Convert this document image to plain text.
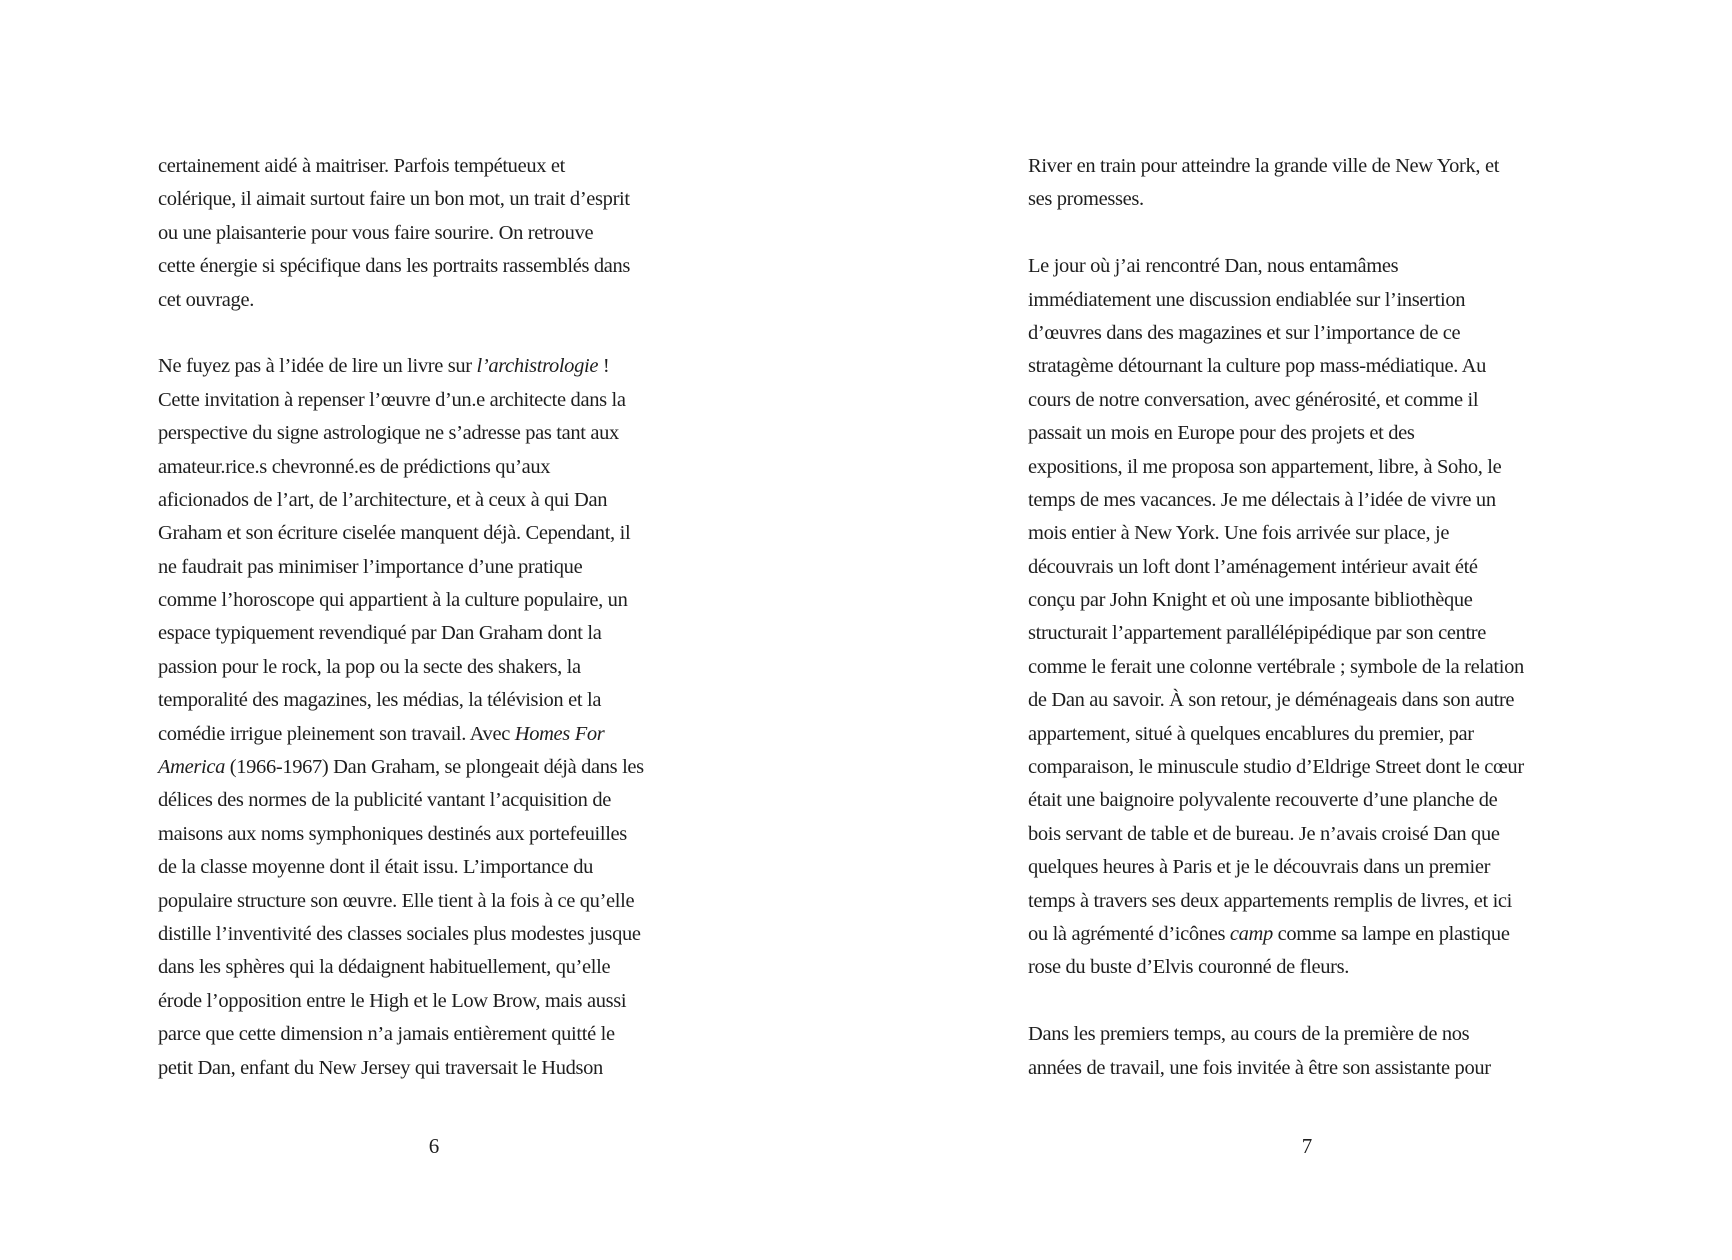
certainement aidé à maitriser. Parfois tempétueux et
colérique, il aimait surtout faire un bon mot, un trait d’esprit
ou une plaisanterie pour vous faire sourire. On retrouve
cette énergie si spécifique dans les portraits rassemblés dans
cet ouvrage.
Ne fuyez pas à l’idée de lire un livre sur l’archistrologie !
Cette invitation à repenser l’œuvre d’un.e architecte dans la
perspective du signe astrologique ne s’adresse pas tant aux
amateur.rice.s chevronné.es de prédictions qu’aux
aficionados de l’art, de l’architecture, et à ceux à qui Dan
Graham et son écriture ciselée manquent déjà. Cependant, il
ne faudrait pas minimiser l’importance d’une pratique
comme l’horoscope qui appartient à la culture populaire, un
espace typiquement revendiqué par Dan Graham dont la
passion pour le rock, la pop ou la secte des shakers, la
temporalité des magazines, les médias, la télévision et la
comédie irrigue pleinement son travail. Avec Homes For
America (1966-1967) Dan Graham, se plongeait déjà dans les
délices des normes de la publicité vantant l’acquisition de
maisons aux noms symphoniques destinés aux portefeuilles
de la classe moyenne dont il était issu. L’importance du
populaire structure son œuvre. Elle tient à la fois à ce qu’elle
distille l’inventivité des classes sociales plus modestes jusque
dans les sphères qui la dédaignent habituellement, qu’elle
érode l’opposition entre le High et le Low Brow, mais aussi
parce que cette dimension n’a jamais entièrement quitté le
petit Dan, enfant du New Jersey qui traversait le Hudson
6
River en train pour atteindre la grande ville de New York, et
ses promesses.
Le jour où j’ai rencontré Dan, nous entamâmes
immédiatement une discussion endiablée sur l’insertion
d’œuvres dans des magazines et sur l’importance de ce
stratagème détournant la culture pop mass-médiatique. Au
cours de notre conversation, avec générosité, et comme il
passait un mois en Europe pour des projets et des
expositions, il me proposa son appartement, libre, à Soho, le
temps de mes vacances. Je me délectais à l’idée de vivre un
mois entier à New York. Une fois arrivée sur place, je
découvrais un loft dont l’aménagement intérieur avait été
conçu par John Knight et où une imposante bibliothèque
structurait l’appartement parallélépipédique par son centre
comme le ferait une colonne vertébrale ; symbole de la relation
de Dan au savoir. À son retour, je déménageais dans son autre
appartement, situé à quelques encablures du premier, par
comparaison, le minuscule studio d’Eldrige Street dont le cœur
était une baignoire polyvalente recouverte d’une planche de
bois servant de table et de bureau. Je n’avais croisé Dan que
quelques heures à Paris et je le découvrais dans un premier
temps à travers ses deux appartements remplis de livres, et ici
ou là agrémenté d’icônes camp comme sa lampe en plastique
rose du buste d’Elvis couronné de fleurs.
Dans les premiers temps, au cours de la première de nos
années de travail, une fois invitée à être son assistante pour
7
